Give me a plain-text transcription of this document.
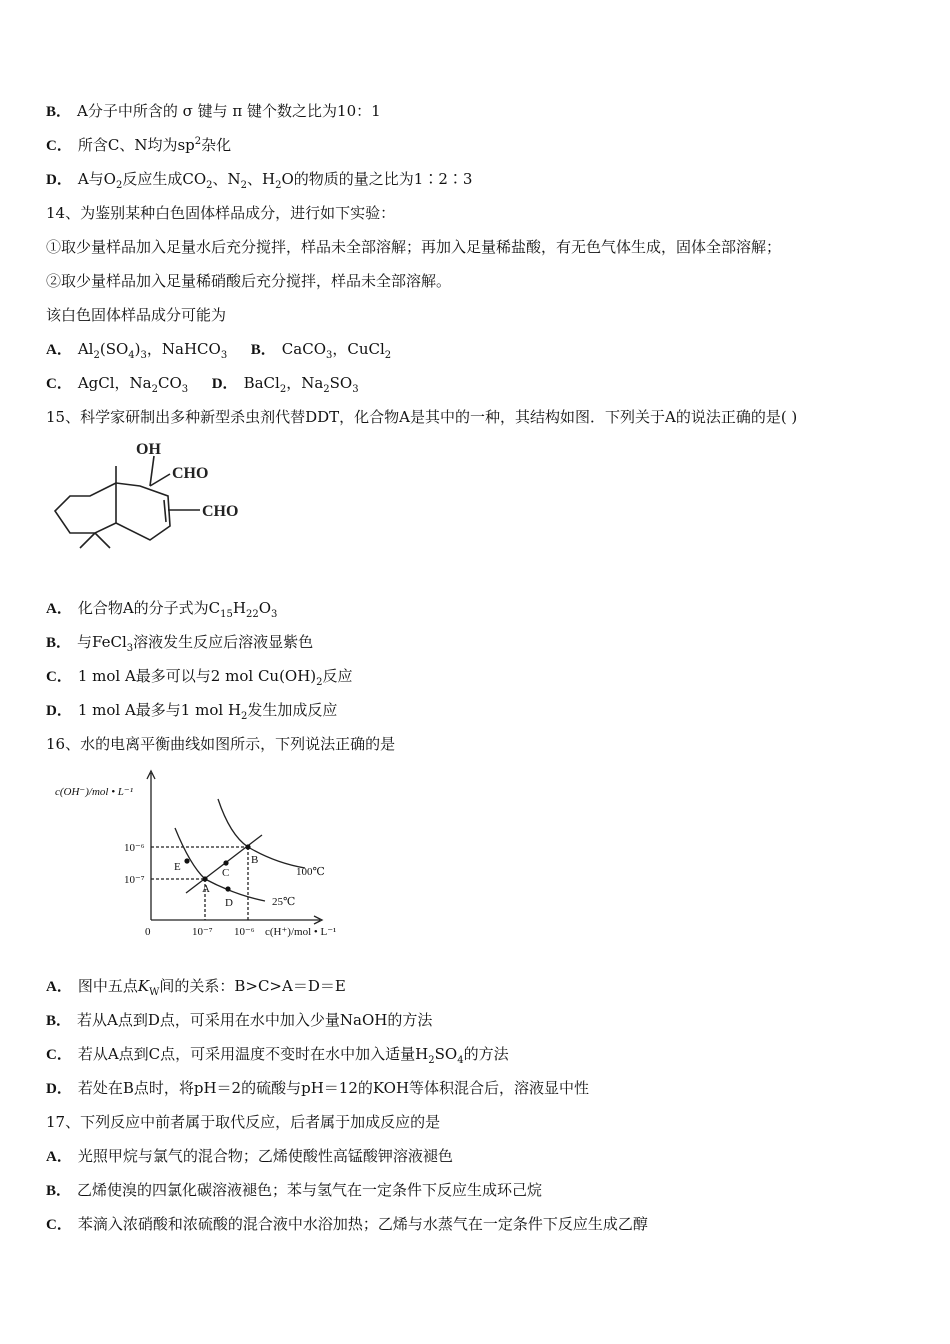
B． A分子中所含的 σ 键与 π 键个数之比为10：1
C． 所含C、N均为$sp^2$杂化
D． A与$O_2$反应生成$CO_2$、$N_2$、$H_2O$的物质的量之比为1∶2∶3
14、为鉴别某种白色固体样品成分，进行如下实验：
①取少量样品加入足量水后充分搅拌，样品未全部溶解；再加入足量稀盐酸，有无色气体生成，固体全部溶解；
②取少量样品加入足量稀硝酸后充分搅拌，样品未全部溶解。
该白色固体样品成分可能为
A． $Al_2(SO_4)_3$，NaHCO$_3$ B． CaCO$_3$，CuCl$_2$
C． AgCl，$Na_2CO_3$ D． BaCl$_2$，$Na_2SO_3$
15、科学家研制出多种新型杀虫剂代替DDT，化合物A是其中的一种，其结构如图．下列关于A的说法正确的是( )
OH
CHO
CHO
A． 化合物A的分子式为$C_{15}H_{22}O_3$
B． 与FeCl$_3$溶液发生反应后溶液显紫色
C． 1 mol A最多可以与2 mol $Cu(OH)_2$反应
D． 1 mol A最多与1 mol $H_2$发生加成反应
16、水的电离平衡曲线如图所示，下列说法正确的是
A
B
C
D
E
25℃
100℃
c(OH⁻)/mol • L⁻¹
c(H⁺)/mol • L⁻¹
10⁻⁶
10⁻⁷
10⁻⁷ 10⁻⁶
0
A． 图中五点$K_W$间的关系：B>C>A＝D＝E
B． 若从A点到D点，可采用在水中加入少量NaOH的方法
C． 若从A点到C点，可采用温度不变时在水中加入适量$H_2SO_4$的方法
D． 若处在B点时，将pH＝2的硫酸与pH＝12的KOH等体积混合后，溶液显中性
17、下列反应中前者属于取代反应，后者属于加成反应的是
A． 光照甲烷与氯气的混合物；乙烯使酸性高锰酸钾溶液褪色
B． 乙烯使溴的四氯化碳溶液褪色；苯与氢气在一定条件下反应生成环己烷
C． 苯滴入浓硝酸和浓硫酸的混合液中水浴加热；乙烯与水蒸气在一定条件下反应生成乙醇
